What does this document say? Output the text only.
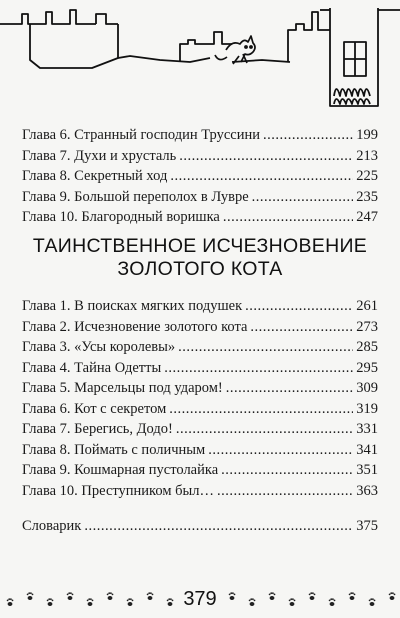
Глава 6. Странный господин Труссини .....	199
Глава 7. Духи и хрусталь .....	213
Глава 8. Секретный ход .....	225
Глава 9. Большой переполох в Лувре .....	235
Глава 10. Благородный воришка .....	247
ТАИНСТВЕННОЕ ИСЧЕЗНОВЕНИЕ
ЗОЛОТОГО КОТА
Глава 1. В поисках мягких подушек .....	261
Глава 2. Исчезновение золотого кота .....	273
Глава 3. «Усы королевы» .....	285
Глава 4. Тайна Одетты .....	295
Глава 5. Марсельцы под ударом! .....	309
Глава 6. Кот с секретом .....	319
Глава 7. Берегись, Додо! .....	331
Глава 8. Поймать с поличным .....	341
Глава 9. Кошмарная пустолайка .....	351
Глава 10. Преступником был… .....	363
Словарик .....	375
379
